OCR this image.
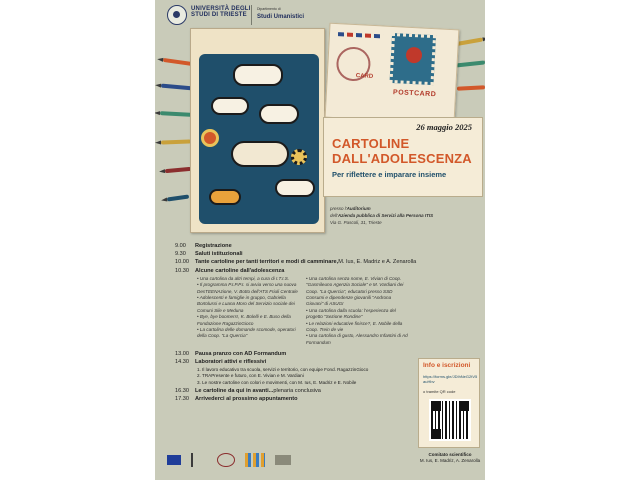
UNIVERSITÀ DEGLI STUDI DI TRIESTE
Dipartimento di
Studi Umanistici
CARD
POSTCARD
26 maggio 2025
CARTOLINE
DALL'ADOLESCENZA
Per riflettere e imparare insieme
presso l'Auditorium
dell'Azienda pubblica di Servizi alla Persona ITIS
Via G. Pascoli, 31, Trieste
9.00	Registrazione
9.30	Saluti istituzionali
10.00	Tante cartoline per tanti territori e modi di camminare, M. Ius, E. Madriz e A. Zenarolla
10.30	Alcune cartoline dall'adolescenza
• Una cartolina da altri tempi, a cura di I.T.I.S.
• Il programma P.I.P.P.I. si avvia verso una nuova DesTEENAzione, V. Botto dell'ATS Friuli Centrale
• Adolescenti e famiglie in gruppo, Gabriella Bortolussi e Luana Moro del Servizio sociale dei Comuni Sile e Meduna
• Bye, bye boomers!, K. Bolelli e E. Buso della Fondazione RagazzinGioco
• La cartolina delle domande scomode, operatori della Coop. "La Quercia"
• Una cartolina senza nome, E. Vivian di Coop. "Gasmileuno Agenzia Sociale" e M. Vardiani dei Coop. "La Quercia", educatori presso SSD Consumi e dipendenze giovanili "Androna Giovani" di ASUGI
• Una cartolina dalla scuola: l'esperienza del progetto "Sezione Rondine"
• Le relazioni educative finisce?, E. Nobile della Coop. Trein de vie
• Una cartolina di gusto, Alessandro Infantini di Ad Formandum
13.00	Pausa pranzo con AD Formandum
14.30	Laboratori attivi e riflessivi
1. Il lavoro educativo tra scuola, servizi e territorio, con equipe Fond. RagazzinGioco
2. TRAPresente e futuro, con E. Vivian e M. Vardiani
3. Le nostre cartoline con colori e movimenti, con M. Ius, E. Madriz e E. Nobile
16.30	Le cartoline da qui in avanti... plenaria conclusiva
17.30	Arrivederci al prossimo appuntamento
Info e iscrizioni
https://forms.gle/JDIhNeG2tV5auHbv
o tramite QR code
Comitato scientifico
M. Ius, E. Madriz, A. Zenarolla
